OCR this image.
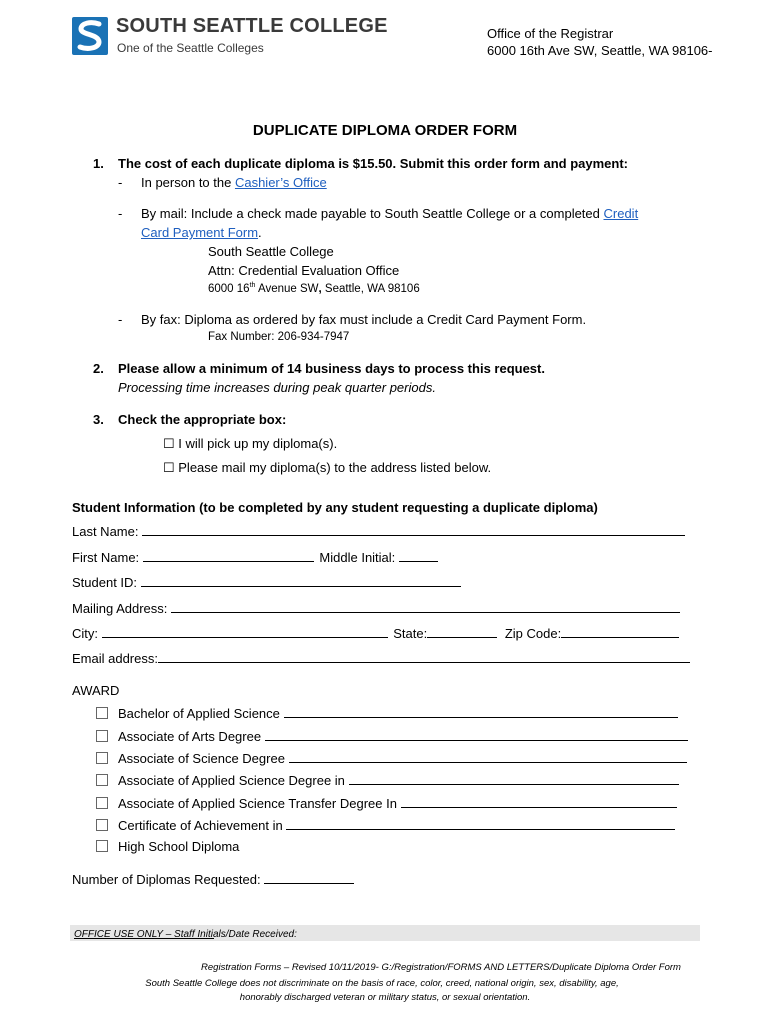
SOUTH SEATTLE COLLEGE
One of the Seattle Colleges
Office of the Registrar
6000 16th Ave SW, Seattle, WA 98106-
DUPLICATE DIPLOMA ORDER FORM
1. The cost of each duplicate diploma is $15.50. Submit this order form and payment:
- In person to the Cashier’s Office
- By mail: Include a check made payable to South Seattle College or a completed Credit
Card Payment Form.
South Seattle College
Attn: Credential Evaluation Office
6000 16th Avenue SW, Seattle, WA 98106
- By fax: Diploma as ordered by fax must include a Credit Card Payment Form.
Fax Number: 206-934-7947
2. Please allow a minimum of 14 business days to process this request.
Processing time increases during peak quarter periods.
3. Check the appropriate box:
☐ I will pick up my diploma(s).
☐ Please mail my diploma(s) to the address listed below.
Student Information (to be completed by any student requesting a duplicate diploma)
Last Name:
First Name:	Middle Initial:
Student ID:
Mailing Address:
City:	State:	Zip Code:
Email address:
AWARD
Bachelor of Applied Science
Associate of Arts Degree
Associate of Science Degree
Associate of Applied Science Degree in
Associate of Applied Science Transfer Degree In
Certificate of Achievement in
High School Diploma
Number of Diplomas Requested:
OFFICE USE ONLY – Staff Initials/Date Received:
Registration Forms – Revised 10/11/2019- G:/Registration/FORMS AND LETTERS/Duplicate Diploma Order Form
South Seattle College does not discriminate on the basis of race, color, creed, national origin, sex, disability, age,
honorably discharged veteran or military status, or sexual orientation.
